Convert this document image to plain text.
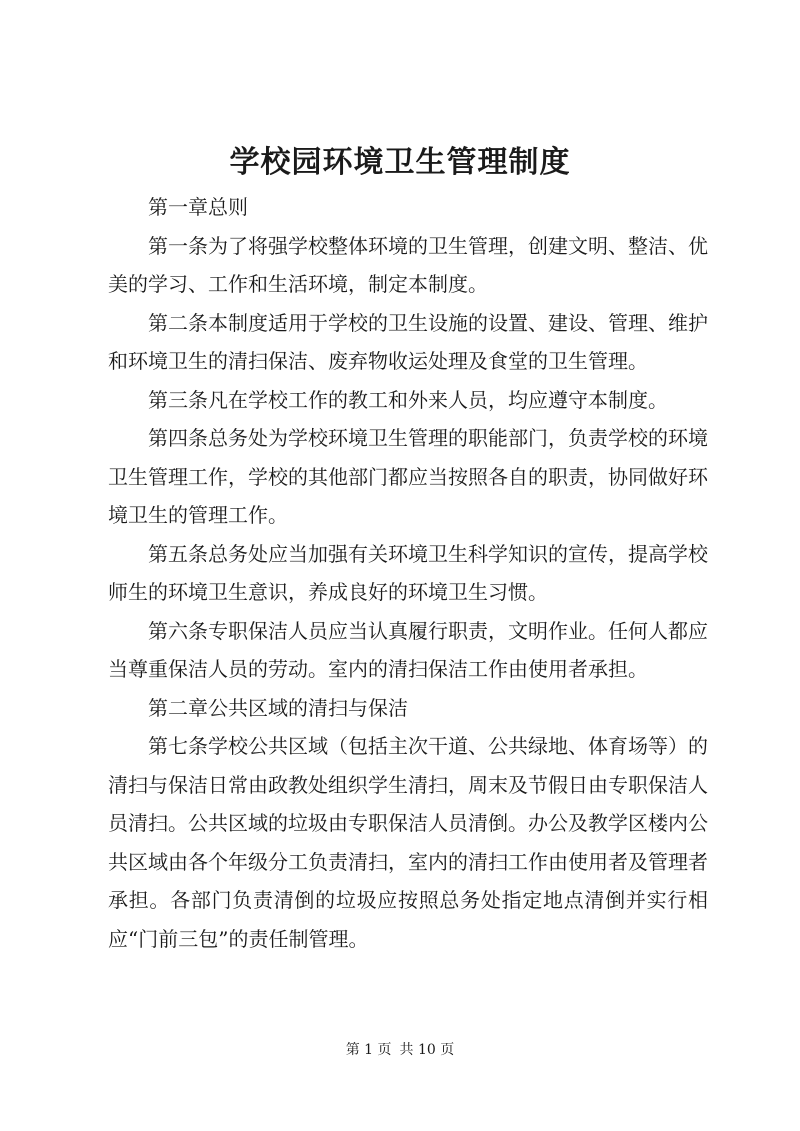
学校园环境卫生管理制度

第一章总则

第一条为了将强学校整体环境的卫生管理，创建文明、整洁、优美的学习、工作和生活环境，制定本制度。

第二条本制度适用于学校的卫生设施的设置、建设、管理、维护和环境卫生的清扫保洁、废弃物收运处理及食堂的卫生管理。

第三条凡在学校工作的教工和外来人员，均应遵守本制度。

第四条总务处为学校环境卫生管理的职能部门，负责学校的环境卫生管理工作，学校的其他部门都应当按照各自的职责，协同做好环境卫生的管理工作。

第五条总务处应当加强有关环境卫生科学知识的宣传，提高学校师生的环境卫生意识，养成良好的环境卫生习惯。

第六条专职保洁人员应当认真履行职责，文明作业。任何人都应当尊重保洁人员的劳动。室内的清扫保洁工作由使用者承担。

第二章公共区域的清扫与保洁

第七条学校公共区域（包括主次干道、公共绿地、体育场等）的清扫与保洁日常由政教处组织学生清扫，周末及节假日由专职保洁人员清扫。公共区域的垃圾由专职保洁人员清倒。办公及教学区楼内公共区域由各个年级分工负责清扫，室内的清扫工作由使用者及管理者承担。各部门负责清倒的垃圾应按照总务处指定地点清倒并实行相应“门前三包”的责任制管理。

第 1 页 共 10 页
